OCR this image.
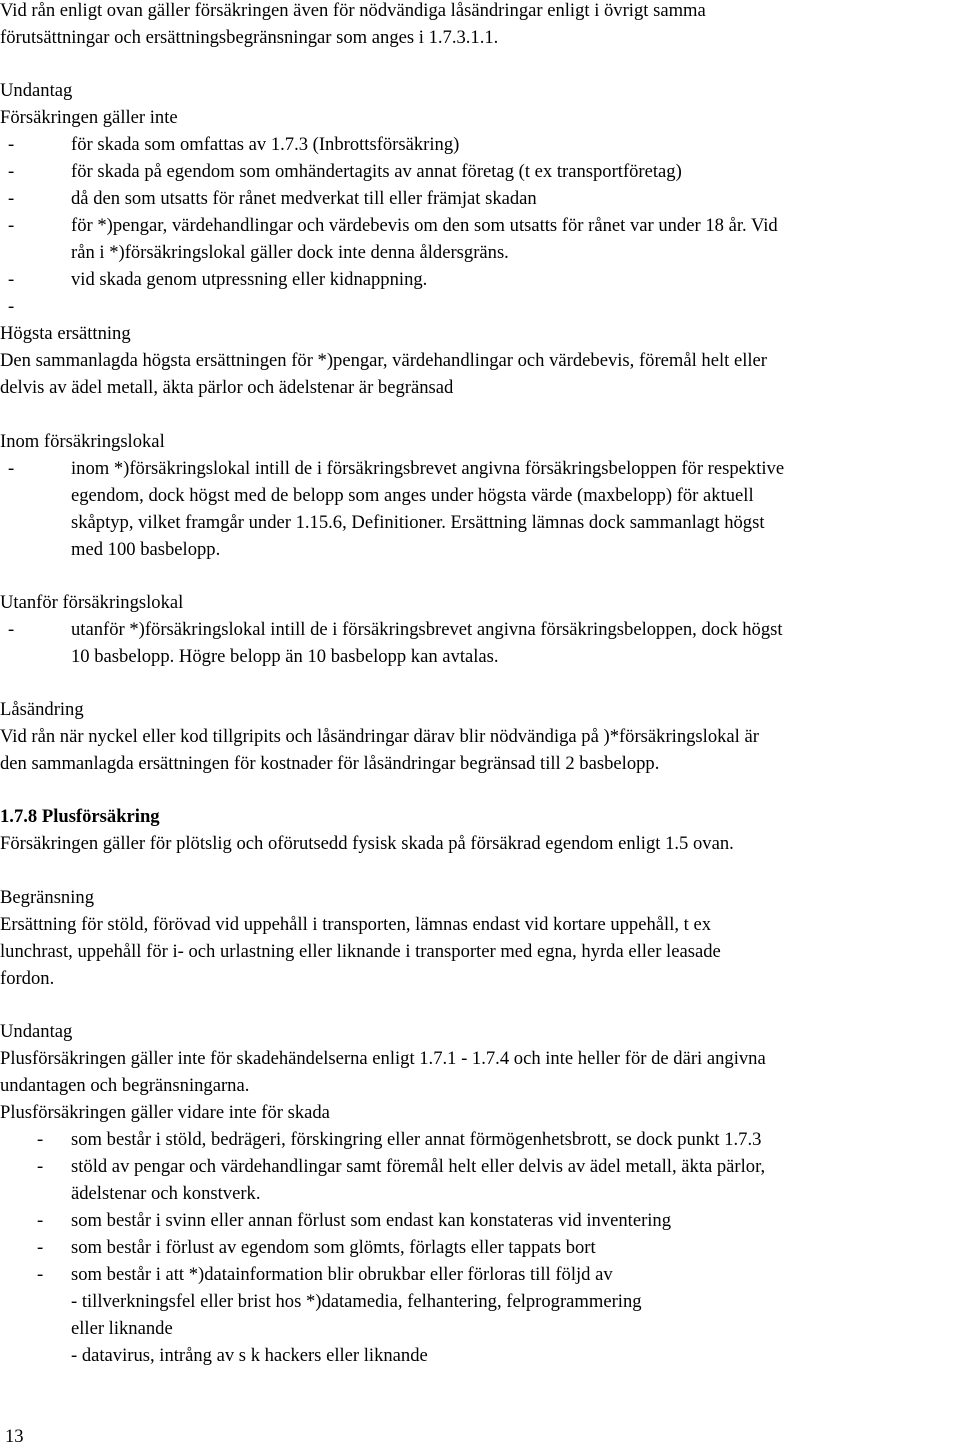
Vid rån enligt ovan gäller försäkringen även för nödvändiga låsändringar enligt i övrigt samma
förutsättningar och ersättningsbegränsningar som anges i 1.7.3.1.1.
Undantag
Försäkringen gäller inte
-	för skada som omfattas av 1.7.3 (Inbrottsförsäkring)
-	för skada på egendom som omhändertagits av annat företag (t ex transportföretag)
-	då den som utsatts för rånet medverkat till eller främjat skadan
-	för *)pengar, värdehandlingar och värdebevis om den som utsatts för rånet var under 18 år. Vid
rån i *)försäkringslokal gäller dock inte denna åldersgräns.
-	vid skada genom utpressning eller kidnappning.
-
Högsta ersättning
Den sammanlagda högsta ersättningen för *)pengar, värdehandlingar och värdebevis, föremål helt eller
delvis av ädel metall, äkta pärlor och ädelstenar är begränsad
Inom försäkringslokal
-	inom *)försäkringslokal intill de i försäkringsbrevet angivna försäkringsbeloppen för respektive
egendom, dock högst med de belopp som anges under högsta värde (maxbelopp) för aktuell
skåptyp, vilket framgår under 1.15.6, Definitioner. Ersättning lämnas dock sammanlagt högst
med 100 basbelopp.
Utanför försäkringslokal
-	utanför *)försäkringslokal intill de i försäkringsbrevet angivna försäkringsbeloppen, dock högst
10 basbelopp. Högre belopp än 10 basbelopp kan avtalas.
Låsändring
Vid rån när nyckel eller kod tillgripits och låsändringar därav blir nödvändiga på )*försäkringslokal är
den sammanlagda ersättningen för kostnader för låsändringar begränsad till 2 basbelopp.
1.7.8 Plusförsäkring
Försäkringen gäller för plötslig och oförutsedd fysisk skada på försäkrad egendom enligt 1.5 ovan.
Begränsning
Ersättning för stöld, förövad vid uppehåll i transporten, lämnas endast vid kortare uppehåll, t ex
lunchrast, uppehåll för i- och urlastning eller liknande i transporter med egna, hyrda eller leasade
fordon.
Undantag
Plusförsäkringen gäller inte för skadehändelserna enligt 1.7.1 - 1.7.4 och inte heller för de däri angivna
undantagen och begränsningarna.
Plusförsäkringen gäller vidare inte för skada
- som består i stöld, bedrägeri, förskingring eller annat förmögenhetsbrott, se dock punkt 1.7.3
- stöld av pengar och värdehandlingar samt föremål helt eller delvis av ädel metall, äkta pärlor,
ädelstenar och konstverk.
- som består i svinn eller annan förlust som endast kan konstateras vid inventering
- som består i förlust av egendom som glömts, förlagts eller tappats bort
- som består i att *)datainformation blir obrukbar eller förloras till följd av
- tillverkningsfel eller brist hos *)datamedia, felhantering, felprogrammering
eller liknande
- datavirus, intrång av s k hackers eller liknande
13
